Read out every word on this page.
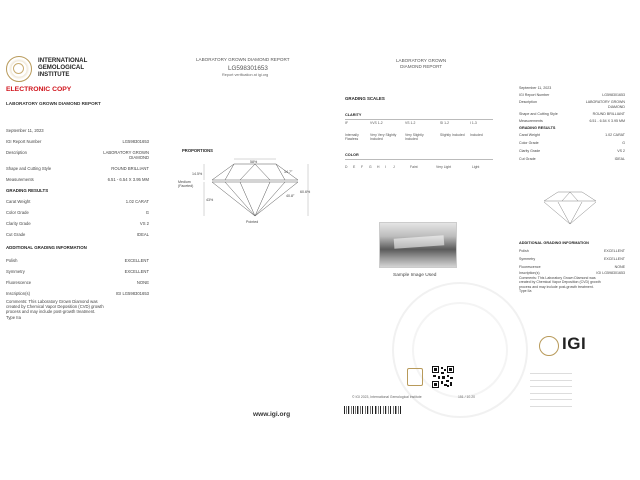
INTERNATIONAL
GEMOLOGICAL
INSTITUTE
ELECTRONIC COPY
LABORATORY GROWN DIAMOND REPORT
September 11, 2023
IGI Report Number	LG598301653
Description	LABORATORY GROWN
DIAMOND
Shape and Cutting Style	ROUND BRILLIANT
Measurements	6.51 - 6.54 X 3.95 MM
GRADING RESULTS
Carat Weight	1.02 CARAT
Color Grade	G
Clarity Grade	VS 2
Cut Grade	IDEAL
ADDITIONAL GRADING INFORMATION
Polish	EXCELLENT
Symmetry	EXCELLENT
Fluorescence	NONE
Inscription(s)	IGI LG598301653
Comments: This Laboratory Grown Diamond was
created by Chemical Vapor Deposition (CVD) growth
process and may include post-growth treatment.
Type IIa
LABORATORY GROWN DIAMOND REPORT
LG598301653
Report verification at igi.org
PROPORTIONS
58%
34.7°
14.5%
60.6%
40.8°
43%
Medium (Faceted)
Pointed
www.igi.org
LABORATORY GROWN
DIAMOND REPORT
GRADING SCALES
CLARITY
IF	VVS 1-2	VS 1-2	SI 1-2	I 1-3
Internally Flawless
Very Very Slightly Included
Very Slightly Included
Slightly Included	Included
COLOR
D E F G H I J	Faint	Very Light	Light
Sample Image Used
© IGI 2023, International Gemological Institute	151 / 10.20
September 11, 2023
IGI Report Number	LG598301653
Description	LABORATORY GROWN
DIAMOND
Shape and Cutting Style	ROUND BRILLIANT
Measurements	6.51 - 6.54 X 3.95 MM
GRADING RESULTS
Carat Weight	1.02 CARAT
Color Grade	G
Clarity Grade	VS 2
Cut Grade	IDEAL
ADDITIONAL GRADING INFORMATION
Polish	EXCELLENT
Symmetry	EXCELLENT
Fluorescence	NONE
Inscription(s)	IGI LG598301653
Comments: This Laboratory Grown Diamond was
created by Chemical Vapor Deposition (CVD) growth
process and may include post-growth treatment.
Type IIa
IGI
